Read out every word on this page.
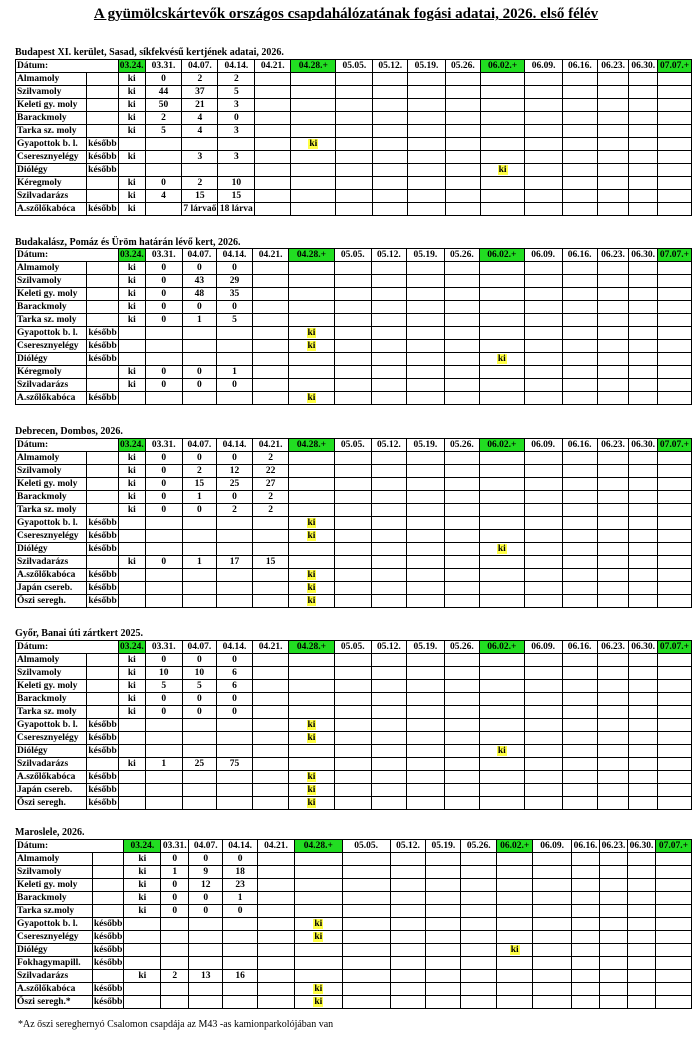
A gyümölcskártevők országos csapdahálózatának fogási adatai, 2026. első félév
Budapest XI. kerület, Sasad, síkfekvésű kertjének adatai, 2026.
Dátum:		03.24.	03.31.	04.07.	04.14.	04.21.	04.28.+	05.05.	05.12.	05.19.	05.26.	06.02.+	06.09.	06.16.	06.23.	06.30.	07.07.+
Almamoly		ki	0	2	2												
Szilvamoly		ki	44	37	5												
Keleti gy. moly		ki	50	21	3												
Barackmoly		ki	2	4	0												
Tarka sz. moly		ki	5	4	3												
Gyapottok b. l.	később						ki										
Cseresznyelégy	később	ki		3	3												
Diólégy	később											ki					
Kéregmoly		ki	0	2	10												
Szilvadarázs		ki	4	15	15												
A.szőlőkabóca	később	ki		7 lárvaő	18 lárva												
Budakalász, Pomáz és Üröm határán lévő kert, 2026.
Dátum:		03.24.	03.31.	04.07.	04.14.	04.21.	04.28.+	05.05.	05.12.	05.19.	05.26.	06.02.+	06.09.	06.16.	06.23.	06.30.	07.07.+
Almamoly		ki	0	0	0												
Szilvamoly		ki	0	43	29												
Keleti gy. moly		ki	0	48	35												
Barackmoly		ki	0	0	0												
Tarka sz. moly		ki	0	1	5												
Gyapottok b. l.	később						ki										
Cseresznyelégy	később						ki										
Diólégy	később											ki					
Kéregmoly		ki	0	0	1												
Szilvadarázs		ki	0	0	0												
A.szőlőkabóca	később						ki										
Debrecen, Dombos, 2026.
Dátum:		03.24.	03.31.	04.07.	04.14.	04.21.	04.28.+	05.05.	05.12.	05.19.	05.26.	06.02.+	06.09.	06.16.	06.23.	06.30.	07.07.+
Almamoly		ki	0	0	0	2											
Szilvamoly		ki	0	2	12	22											
Keleti gy. moly		ki	0	15	25	27											
Barackmoly		ki	0	1	0	2											
Tarka sz. moly		ki	0	0	2	2											
Gyapottok b. l.	később						ki										
Cseresznyelégy	később						ki										
Diólégy	később											ki					
Szilvadarázs		ki	0	1	17	15											
A.szőlőkabóca	később						ki										
Japán csereb.	később						ki										
Őszi seregh.	később						ki										
Győr, Banai úti zártkert 2025.
Dátum:		03.24.	03.31.	04.07.	04.14.	04.21.	04.28.+	05.05.	05.12.	05.19.	05.26.	06.02.+	06.09.	06.16.	06.23.	06.30.	07.07.+
Almamoly		ki	0	0	0												
Szilvamoly		ki	10	10	6												
Keleti gy. moly		ki	5	5	6												
Barackmoly		ki	0	0	0												
Tarka sz. moly		ki	0	0	0												
Gyapottok b. l.	később						ki										
Cseresznyelégy	később						ki										
Diólégy	később											ki					
Szilvadarázs		ki	1	25	75												
A.szőlőkabóca	később						ki										
Japán csereb.	később						ki										
Őszi seregh.	később						ki										
Maroslele, 2026.
Dátum:		03.24.	03.31.	04.07.	04.14.	04.21.	04.28.+	05.05.	05.12.	05.19.	05.26.	06.02.+	06.09.	06.16.	06.23.	06.30.	07.07.+
Almamoly		ki	0	0	0												
Szilvamoly		ki	1	9	18												
Keleti gy. moly		ki	0	12	23												
Barackmoly		ki	0	0	1												
Tarka sz.moly		ki	0	0	0												
Gyapottok b. l.	később						ki										
Cseresznyelégy	később						ki										
Diólégy	később											ki					
Fokhagymapill.	később																
Szilvadarázs		ki	2	13	16												
A.szőlőkabóca	később						ki										
Őszi seregh.*	később						ki										
*Az őszi sereghernyó Csalomon csapdája az M43 -as kamionparkolójában van
